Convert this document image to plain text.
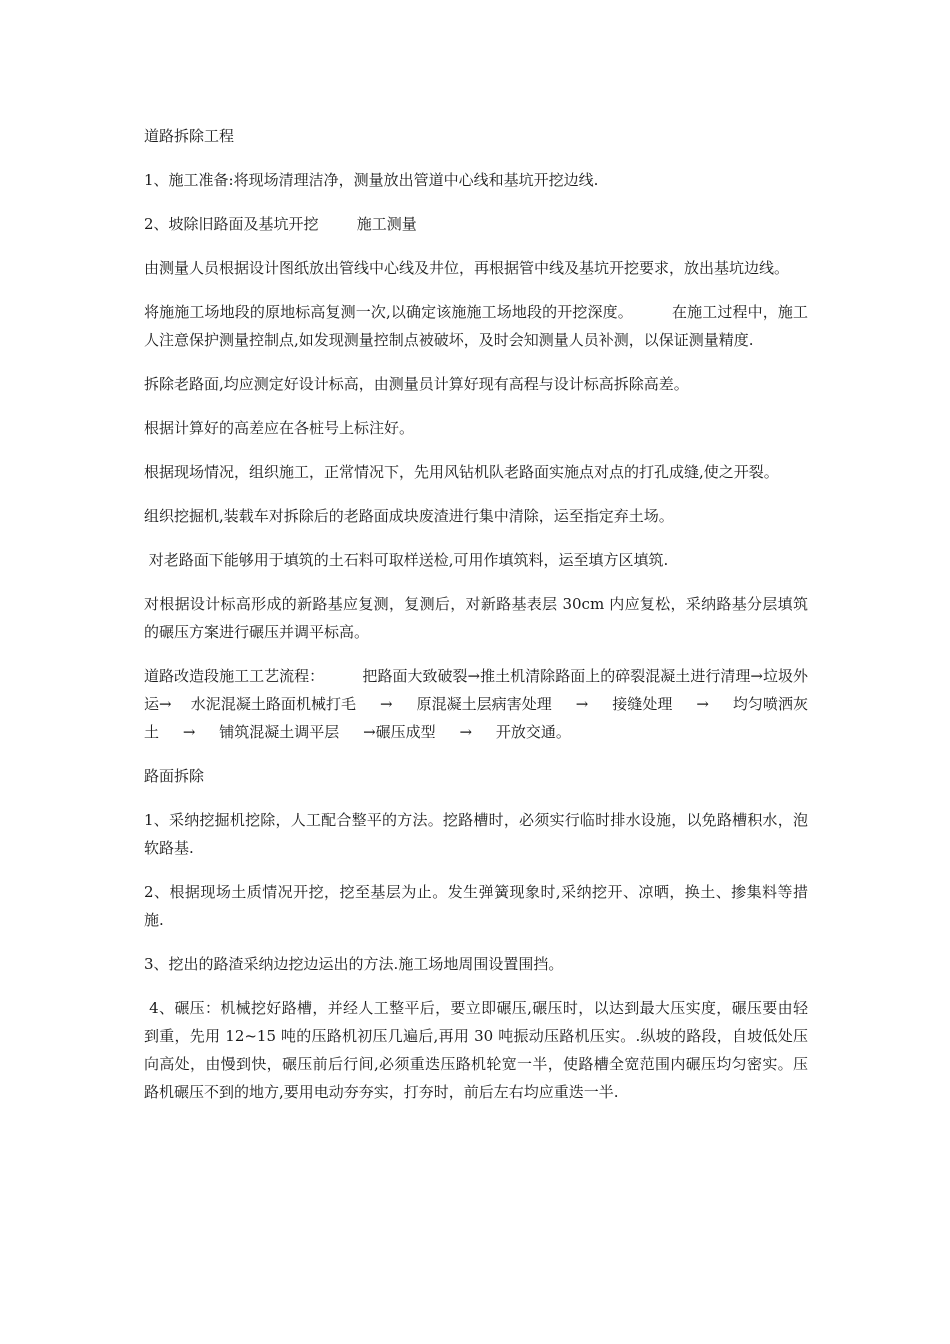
道路拆除工程

1、施工准备:将现场清理洁净，测量放出管道中心线和基坑开挖边线.

2、坡除旧路面及基坑开挖        施工测量

由测量人员根据设计图纸放出管线中心线及井位，再根据管中线及基坑开挖要求，放出基坑边线。

将施施工场地段的原地标高复测一次,以确定该施施工场地段的开挖深度。        在施工过程中，施工人注意保护测量控制点,如发现测量控制点被破坏，及时会知测量人员补测，以保证测量精度.

拆除老路面,均应测定好设计标高，由测量员计算好现有高程与设计标高拆除高差。

根据计算好的高差应在各桩号上标注好。

根据现场情况，组织施工，正常情况下，先用风钻机队老路面实施点对点的打孔成缝,使之开裂。

组织挖掘机,装载车对拆除后的老路面成块废渣进行集中清除，运至指定弃土场。

对老路面下能够用于填筑的土石料可取样送检,可用作填筑料，运至填方区填筑.

对根据设计标高形成的新路基应复测，复测后，对新路基表层 30cm 内应复松，采纳路基分层填筑的碾压方案进行碾压并调平标高。

道路改造段施工工艺流程：        把路面大致破裂→推土机清除路面上的碎裂混凝土进行清理→垃圾外运→    水泥混凝土路面机械打毛     →     原混凝土层病害处理     →     接缝处理     →     均匀喷洒灰土     →     铺筑混凝土调平层     →碾压成型     →     开放交通。

路面拆除

1、采纳挖掘机挖除，人工配合整平的方法。挖路槽时，必须实行临时排水设施，以免路槽积水，泡软路基.

2、根据现场土质情况开挖，挖至基层为止。发生弹簧现象时,采纳挖开、凉晒，换土、掺集料等措施.

3、挖出的路渣采纳边挖边运出的方法.施工场地周围设置围挡。

4、碾压：机械挖好路槽，并经人工整平后，要立即碾压,碾压时，以达到最大压实度，碾压要由轻到重，先用 12~15 吨的压路机初压几遍后,再用 30 吨振动压路机压实。.纵坡的路段，自坡低处压向高处，由慢到快，碾压前后行间,必须重迭压路机轮宽一半，使路槽全宽范围内碾压均匀密实。压路机碾压不到的地方,要用电动夯夯实，打夯时，前后左右均应重迭一半.
